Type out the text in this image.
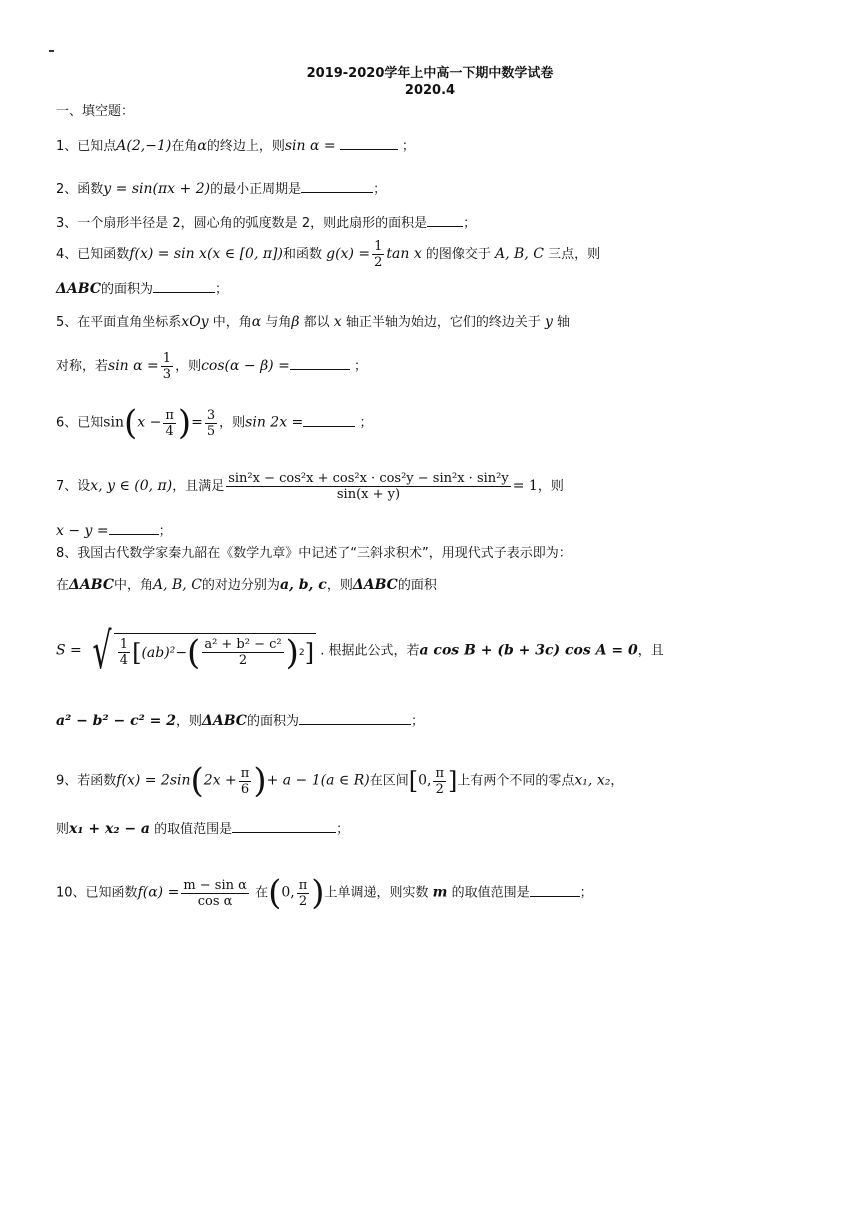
2019-2020学年上中高一下期中数学试卷
2020.4
一、填空题：
1、已知点A(2,−1)在角α的终边上，则sin α =	；
2、函数y = sin(πx + 2)的最小正周期是	；
3、一个扇形半径是 2，圆心角的弧度数是 2，则此扇形的面积是	；
4、已知函数f(x) = sin x(x ∈ [0, π])和函数 $g(x) = \frac{1}{2}$ tan x 的图像交于 A, B, C 三点，则
ΔABC的面积为	；
5、在平面直角坐标系xOy 中，角α 与角β 都以 x 轴正半轴为始边，它们的终边关于 y 轴
对称，若$\sin \alpha = \frac{1}{3}$ ，则cos(α − β) =	；
6、已知$\sin(x - \frac{\pi}{4}$ )= $\frac{3}{5}$ ，则sin 2x =	；
7、设x, y ∈ (0, π)，且满足 $\frac{\text{sin²x − cos²x + cos²x · cos²y − sin²x · sin²y}}{\sin(x + y)} = 1$，则
x − y =	；
8、我国古代数学家秦九韶在《数学九章》中记述了“三斜求积术”，用现代式子表示即为：
在ΔABC中，角A, B, C的对边分别为a, b, c，则ΔABC的面积
S = √ $\frac{1}{4}$ [ (ab)² − ( $\frac{\text{a² + b² − c²}}{2}$ ) 2 ] . 根据此公式，若a cos B + (b + 3c) cos A = 0，且
a² − b² − c² = 2，则ΔABC的面积为	；
9、若函数$f(x) = 2\sin(2x + \frac{\pi}{6}$ )+ a − 1(a ∈ R)在区间[0, $\frac{\pi}{2}$ ]上有两个不同的零点x₁, x₂，
则x₁ + x₂ − a 的取值范围是	；
10、已知函数$f(\alpha) = \frac{\text{m − sin α}}{\text{cos α}}$ 在(0, $\frac{\pi}{2}$ )上单调递，则实数 m 的取值范围是	；
